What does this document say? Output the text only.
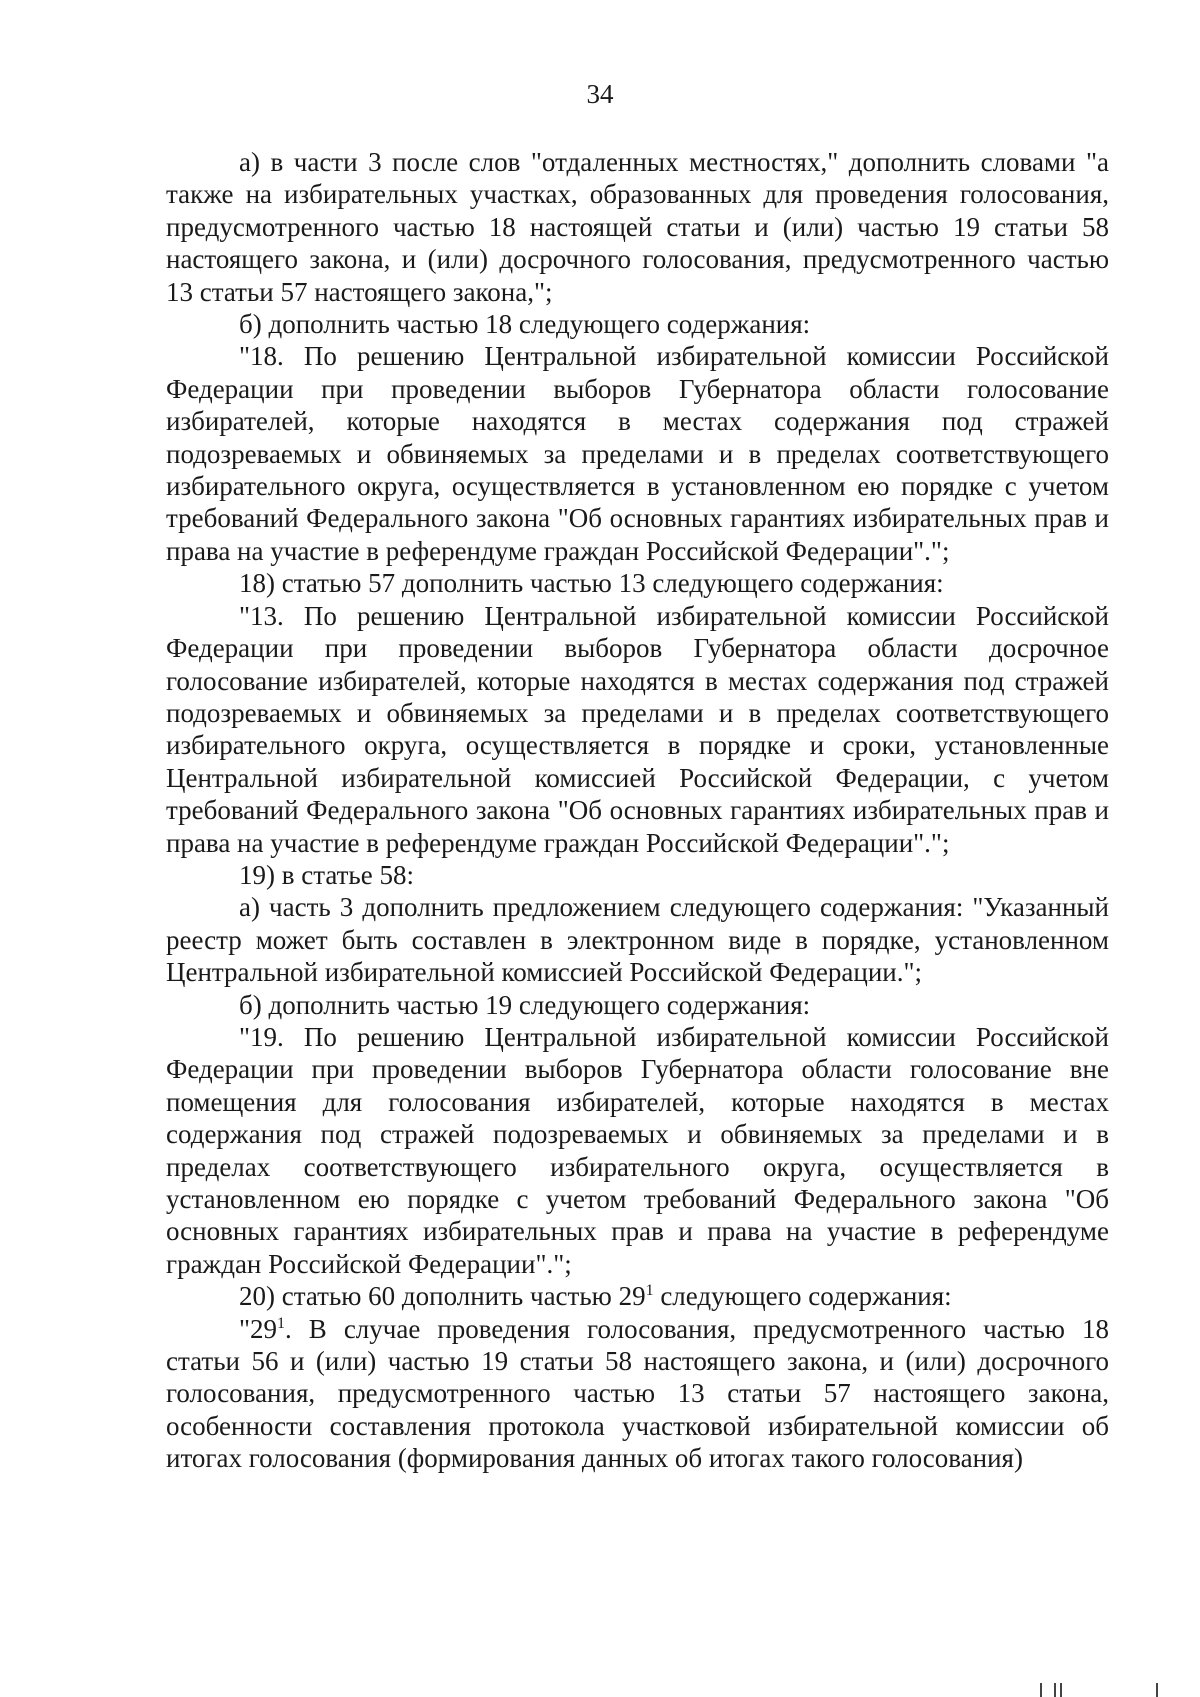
34

а) в части 3 после слов "отдаленных местностях," дополнить словами "а также на избирательных участках, образованных для проведения голосования, предусмотренного частью 18 настоящей статьи и (или) частью 19 статьи 58 настоящего закона, и (или) досрочного голосования, предусмотренного частью 13 статьи 57 настоящего закона,";

б) дополнить частью 18 следующего содержания:

"18. По решению Центральной избирательной комиссии Российской Федерации при проведении выборов Губернатора области голосование избирателей, которые находятся в местах содержания под стражей подозреваемых и обвиняемых за пределами и в пределах соответствующего избирательного округа, осуществляется в установленном ею порядке с учетом требований Федерального закона "Об основных гарантиях избирательных прав и права на участие в референдуме граждан Российской Федерации".";

18) статью 57 дополнить частью 13 следующего содержания:

"13. По решению Центральной избирательной комиссии Российской Федерации при проведении выборов Губернатора области досрочное голосование избирателей, которые находятся в местах содержания под стражей подозреваемых и обвиняемых за пределами и в пределах соответствующего избирательного округа, осуществляется в порядке и сроки, установленные Центральной избирательной комиссией Российской Федерации, с учетом требований Федерального закона "Об основных гарантиях избирательных прав и права на участие в референдуме граждан Российской Федерации".";

19) в статье 58:

а) часть 3 дополнить предложением следующего содержания: "Указанный реестр может быть составлен в электронном виде в порядке, установленном Центральной избирательной комиссией Российской Федерации.";

б) дополнить частью 19 следующего содержания:

"19. По решению Центральной избирательной комиссии Российской Федерации при проведении выборов Губернатора области голосование вне помещения для голосования избирателей, которые находятся в местах содержания под стражей подозреваемых и обвиняемых за пределами и в пределах соответствующего избирательного округа, осуществляется в установленном ею порядке с учетом требований Федерального закона "Об основных гарантиях избирательных прав и права на участие в референдуме граждан Российской Федерации".";

20) статью 60 дополнить частью $29^1$ следующего содержания:

"$29^1$. В случае проведения голосования, предусмотренного частью 18 статьи 56 и (или) частью 19 статьи 58 настоящего закона, и (или) досрочного голосования, предусмотренного частью 13 статьи 57 настоящего закона, особенности составления протокола участковой избирательной комиссии об итогах голосования (формирования данных об итогах такого голосования)
